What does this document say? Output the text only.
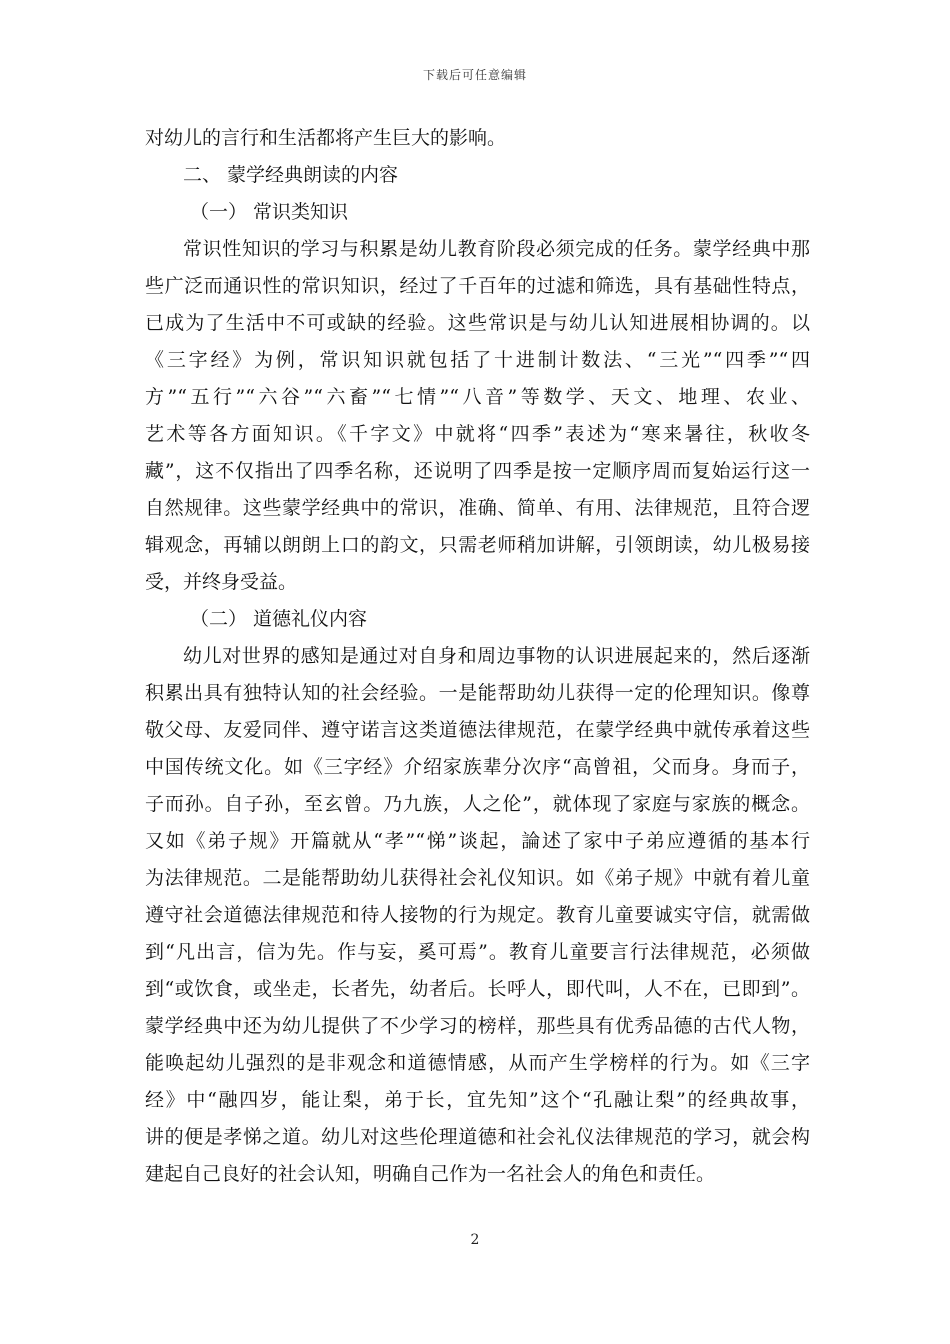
下载后可任意编辑
对幼儿的言行和生活都将产生巨大的影响。
二、 蒙学经典朗读的内容
（一） 常识类知识
常识性知识的学习与积累是幼儿教育阶段必须完成的任务。蒙学经典中那
些广泛而通识性的常识知识，经过了千百年的过滤和筛选，具有基础性特点，
已成为了生活中不可或缺的经验。这些常识是与幼儿认知进展相协调的。以
《三字经》为例，常识知识就包括了十进制计数法、“三光”“四季”“四
方”“五行”“六谷”“六畜”“七情”“八音”等数学、天文、地理、农业、
艺术等各方面知识。《千字文》中就将“四季”表述为“寒来暑往，秋收冬
藏”，这不仅指出了四季名称，还说明了四季是按一定顺序周而复始运行这一
自然规律。这些蒙学经典中的常识，准确、简单、有用、法律规范，且符合逻
辑观念，再辅以朗朗上口的韵文，只需老师稍加讲解，引领朗读，幼儿极易接
受，并终身受益。
（二） 道德礼仪内容
幼儿对世界的感知是通过对自身和周边事物的认识进展起来的，然后逐渐
积累出具有独特认知的社会经验。一是能帮助幼儿获得一定的伦理知识。像尊
敬父母、友爱同伴、遵守诺言这类道德法律规范，在蒙学经典中就传承着这些
中国传统文化。如《三字经》介绍家族辈分次序“高曾祖，父而身。身而子，
子而孙。自子孙，至玄曾。乃九族，人之伦”，就体现了家庭与家族的概念。
又如《弟子规》开篇就从“孝”“悌”谈起，論述了家中子弟应遵循的基本行
为法律规范。二是能帮助幼儿获得社会礼仪知识。如《弟子规》中就有着儿童
遵守社会道德法律规范和待人接物的行为规定。教育儿童要诚实守信，就需做
到“凡出言，信为先。作与妄，奚可焉”。教育儿童要言行法律规范，必须做
到“或饮食，或坐走，长者先，幼者后。长呼人，即代叫，人不在，已即到”。
蒙学经典中还为幼儿提供了不少学习的榜样，那些具有优秀品德的古代人物，
能唤起幼儿强烈的是非观念和道德情感，从而产生学榜样的行为。如《三字
经》中“融四岁，能让梨，弟于长，宜先知”这个“孔融让梨”的经典故事，
讲的便是孝悌之道。幼儿对这些伦理道德和社会礼仪法律规范的学习，就会构
建起自己良好的社会认知，明确自己作为一名社会人的角色和责任。
2
